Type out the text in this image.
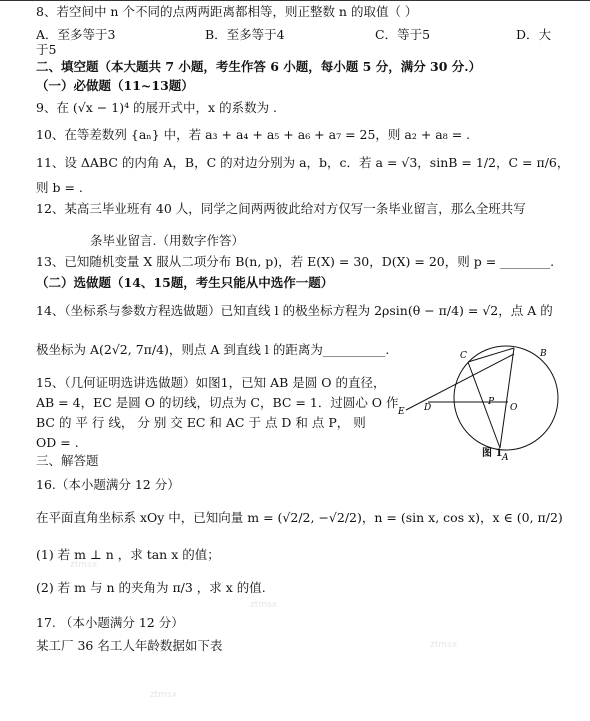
8、若空间中 n 个不同的点两两距离都相等，则正整数 n 的取值（ ）
A．至多等于3	B．至多等于4	C．等于5	D．大
于5
二、填空题（本大题共 7 小题，考生作答 6 小题，每小题 5 分，满分 30 分.）
（一）必做题（11~13题）
9、在 (√x − 1)⁴ 的展开式中，x 的系数为 .
10、在等差数列 {aₙ} 中，若 a₃ + a₄ + a₅ + a₆ + a₇ = 25，则 a₂ + a₈ = .
11、设 ΔABC 的内角 A，B，C 的对边分别为 a，b，c．若 a = √3，sinB = 1/2，C = π/6，
则 b = .
12、某高三毕业班有 40 人，同学之间两两彼此给对方仅写一条毕业留言，那么全班共写
条毕业留言.（用数字作答）
13、已知随机变量 X 服从二项分布 B(n, p)，若 E(X) = 30，D(X) = 20，则 p = ________.
（二）选做题（14、15题，考生只能从中选作一题）
14、（坐标系与参数方程选做题）已知直线 l 的极坐标方程为 2ρsin(θ − π/4) = √2，点 A 的
极坐标为 A(2√2, 7π/4)，则点 A 到直线 l 的距离为__________.
15、（几何证明选讲选做题）如图1，已知 AB 是圆 O 的直径，
AB = 4，EC 是圆 O 的切线，切点为 C，BC = 1．过圆心 O 作
BC 的 平 行 线， 分 别 交 EC 和 AC 于 点 D 和 点 P， 则
OD = .
B
C
D
E	O
P
A
图 1
三、解答题
16.（本小题满分 12 分）
在平面直角坐标系 xOy 中，已知向量 m = (√2/2, −√2/2)，n = (sin x, cos x)，x ∈ (0, π/2)
(1) 若 m ⊥ n ，求 tan x 的值；
(2) 若 m 与 n 的夹角为 π/3 ，求 x 的值.
17. （本小题满分 12 分）
某工厂 36 名工人年龄数据如下表
ztmsx
ztmsx
ztmsx
ztmsx
